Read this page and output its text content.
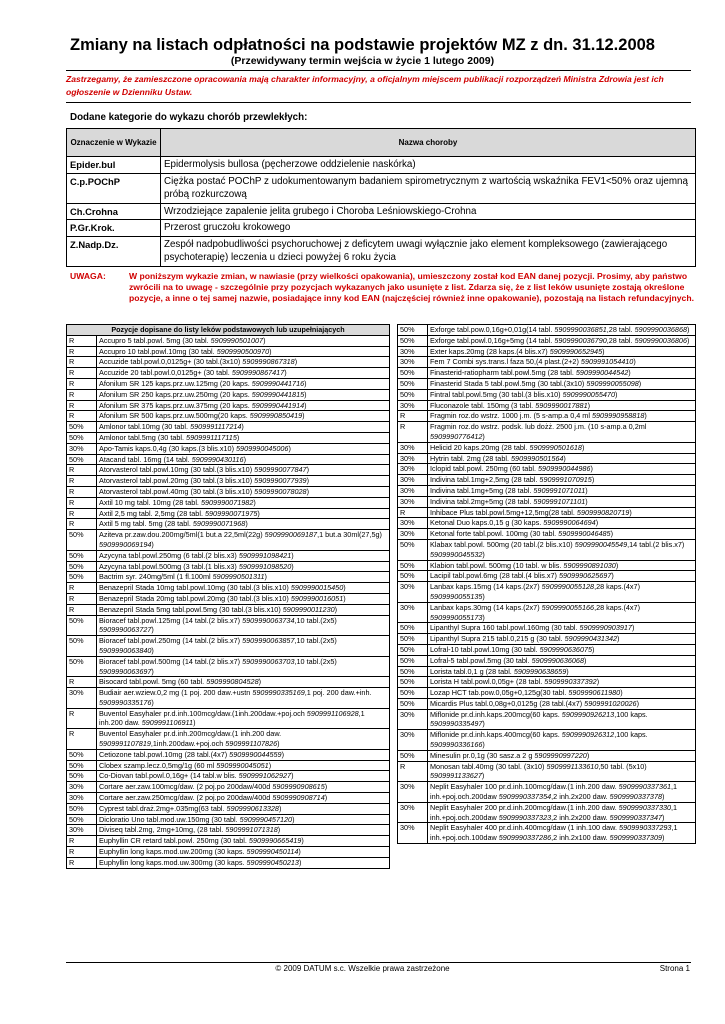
Zmiany na listach odpłatności na podstawie projektów MZ z dn. 31.12.2008
(Przewidywany termin wejścia w życie 1 lutego 2009)
Zastrzegamy, że zamieszczone opracowania mają charakter informacyjny, a oficjalnym miejscem publikacji rozporządzeń Ministra Zdrowia jest ich ogłoszenie w Dzienniku Ustaw.
Dodane kategorie do wykazu chorób przewlekłych:
Oznaczenie w Wykazie	Nazwa choroby
Epider.bul	Epidermolysis bullosa (pęcherzowe oddzielenie naskórka)
C.p.POChP	Ciężka postać POChP z udokumentowanym badaniem spirometrycznym z wartością wskaźnika FEV1<50% oraz ujemną próbą rozkurczową
Ch.Crohna	Wrzodziejące zapalenie jelita grubego i Choroba Leśniowskiego-Crohna
P.Gr.Krok.	Przerost gruczołu krokowego
Z.Nadp.Dz.	Zespół nadpobudliwości psychoruchowej z deficytem uwagi wyłącznie jako element kompleksowego (zawierającego psychoterapię) leczenia u dzieci powyżej 6 roku życia
UWAGA:	W poniższym wykazie zmian, w nawiasie (przy wielkości opakowania), umieszczony został kod EAN danej pozycji. Prosimy, aby państwo zwrócili na to uwagę - szczególnie przy pozycjach wykazanych jako usunięte z list. Zdarza się, że z list leków usunięte zostają określone pozycje, a inne o tej samej nazwie, posiadające inny kod EAN (najczęściej również inne opakowanie), pozostają na listach refundacyjnych.
Pozycje dopisane do listy leków podstawowych lub uzupełniających	
R	Accupro 5 tabl.powl. 5mg (30 tabl. 5909990501007)
R	Accupro 10 tabl.powl.10mg (30 tabl. 5909990500970)
R	Accuzide tabl.powl.0,0125g+ (30 tabl.(3x10) 5909990867318)
R	Accuzide 20 tabl.powl.0,0125g+ (30 tabl. 5909990867417)
R	Afonilum SR 125 kaps.prz.uw.125mg (20 kaps. 5909990441716)
R	Afonilum SR 250 kaps.prz.uw.250mg (20 kaps. 5909990441815)
R	Afonilum SR 375 kaps.prz.uw.375mg (20 kaps. 5909990441914)
R	Afonilum SR 500 kaps.prz.uw.500mg(20 kaps. 5909990850419)
50%	Amlonor tabl.10mg (30 tabl. 5909991117214)
50%	Amlonor tabl.5mg (30 tabl. 5909991117115)
30%	Apo-Tamis kaps.0,4g (30 kaps.(3 blis.x10) 5909990045006)
50%	Atacand tabl. 16mg (14 tabl. 5909990430116)
R	Atorvasterol tabl.powl.10mg (30 tabl.(3 blis.x10) 5909990077847)
R	Atorvasterol tabl.powl.20mg (30 tabl.(3 blis.x10) 5909990077939)
R	Atorvasterol tabl.powl.40mg (30 tabl.(3 blis.x10) 5909990078028)
R	Axtil 10 mg tabl. 10mg (28 tabl. 5909990071982)
R	Axtil 2,5 mg tabl. 2,5mg (28 tabl. 5909990071975)
R	Axtil 5 mg tabl. 5mg (28 tabl. 5909990071968)
50%	Aziteva pr.zaw.dou.200mg/5ml(1 but.a 22,5ml(22g) 5909990069187,1 but.a 30ml(27,5g) 5909990069194)
50%	Azycyna tabl.powl.250mg (6 tabl.(2 blis.x3) 5909991098421)
50%	Azycyna tabl.powl.500mg (3 tabl.(1 blis.x3) 5909991098520)
50%	Bactrim syr. 240mg/5ml (1 fl.100ml 5909990501311)
R	Benazepril Stada 10mg tabl.powl.10mg (30 tabl.(3 blis.x10) 5909990015450)
R	Benazepril Stada 20mg tabl.powl.20mg (30 tabl.(3 blis.x10) 5909990016051)
R	Benazepril Stada 5mg tabl.powl.5mg (30 tabl.(3 blis.x10) 5909990011230)
50%	Bioracef tabl.powl.125mg (14 tabl.(2 blis.x7) 5909990063734,10 tabl.(2x5) 5909990063727)
50%	Bioracef tabl.powl.250mg (14 tabl.(2 blis.x7) 5909990063857,10 tabl.(2x5) 5909990063840)
50%	Bioracef tabl.powl.500mg (14 tabl.(2 blis.x7) 5909990063703,10 tabl.(2x5) 5909990063697)
R	Bisocard tabl.powl. 5mg (60 tabl. 5909990804528)
30%	Budiair aer.wziew.0,2 mg (1 poj. 200 daw.+ustn 5909990335169,1 poj. 200 daw.+inh. 5909990335176)
R	Buventol Easyhaler pr.d.inh.100mcg/daw.(1inh.200daw.+poj.och 5909991106928,1 inh.200 daw. 5909991106911)
R	Buventol Easyhaler pr.d.inh.200mcg/daw.(1 inh.200 daw. 5909991107819,1inh.200daw.+poj.och 5909991107826)
50%	Cetiozone tabl.powl.10mg (28 tabl.(4x7) 5909990044559)
50%	Clobex szamp.lecz.0,5mg/1g (60 ml 5909990045051)
50%	Co-Diovan tabl.powl.0,16g+ (14 tabl.w blis. 5909991062927)
30%	Cortare aer.zaw.100mcg/daw. (2 poj.po 200daw/400d 5909990908615)
30%	Cortare aer.zaw.250mcg/daw. (2 poj.po 200daw/400d 5909990908714)
50%	Cyprest tabl.draż.2mg+.035mg(63 tabl. 5909990613328)
50%	Dicloratio Uno tabl.mod.uw.150mg (30 tabl. 5909990457120)
30%	Diviseq tabl.2mg, 2mg+10mg, (28 tabl. 5909991071318)
R	Euphyllin CR retard tabl.powl. 250mg (30 tabl. 5909990665419)
R	Euphyllin long kaps.mod.uw.200mg (30 kaps. 5909990450114)
R	Euphyllin long kaps.mod.uw.300mg (30 kaps. 5909990450213)
50%	Exforge tabl.pow.0,16g+0,01g(14 tabl. 5909990036851,28 tabl. 5909990036868)
50%	Exforge tabl.powl.0,16g+5mg (14 tabl. 5909990036790,28 tabl. 5909990036806)
30%	Exter kaps.20mg (28 kaps.(4 blis.x7) 5909990652945)
30%	Fem 7 Combi sys.trans.l faza 50,(4 plast.(2+2) 5909991054410)
50%	Finasterid-ratiopharm tabl.powl.5mg (28 tabl. 5909990044542)
50%	Finasterid Stada 5 tabl.powl.5mg (30 tabl.(3x10) 5909990055098)
50%	Fintral tabl.powl.5mg (30 tabl.(3 blis.x10) 5909990055470)
30%	Fluconazole tabl. 150mg (3 tabl. 5909990017881)
R	Fragmin roz.do wstrz. 1000 j.m. (5 s-amp.a 0,4 ml 5909990958818)
R	Fragmin roz.do wstrz. podsk. lub dożż. 2500 j.m. (10 s-amp.a 0,2ml 5909990776412)
30%	Helicid 20 kaps.20mg (28 tabl. 5909990501618)
30%	Hytrin tabl. 2mg (28 tabl. 5909990501564)
30%	Iclopid tabl.powl. 250mg (60 tabl. 5909990044986)
30%	Indivina tabl.1mg+2,5mg (28 tabl. 5909991070915)
30%	Indivina tabl.1mg+5mg (28 tabl. 5909991071011)
30%	Indivina tabl.2mg+5mg (28 tabl. 5909991071101)
R	Inhibace Plus tabl.powl.5mg+12,5mg(28 tabl. 5909990820719)
30%	Ketonal Duo kaps.0,15 g (30 kaps. 5909990064694)
30%	Ketonal forte tabl.powl. 100mg (30 tabl. 5909990046485)
50%	Klabax tabl.powl. 500mg (20 tabl.(2 blis.x10) 5909990045549,14 tabl.(2 blis.x7) 5909990045532)
50%	Klabion tabl.powl. 500mg (10 tabl. w blis. 5909990891030)
50%	Lacipil tabl.powl.6mg (28 tabl.(4 blis.x7) 5909990625697)
30%	Lanbax kaps.15mg (14 kaps.(2x7) 5909990055128,28 kaps.(4x7) 5909990055135)
30%	Lanbax kaps.30mg (14 kaps.(2x7) 5909990055166,28 kaps.(4x7) 5909990055173)
50%	Lipanthyl Supra 160 tabl.powl.160mg (30 tabl. 5909990903917)
50%	Lipanthyl Supra 215 tabl.0,215 g (30 tabl. 5909990431342)
50%	Lofral-10 tabl.powl.10mg (30 tabl. 5909990636075)
50%	Lofral-5 tabl.powl.5mg (30 tabl. 5909990636068)
50%	Lorista tabl.0,1 g (28 tabl. 5909990638659)
50%	Lorista H tabl.powl.0,05g+ (28 tabl. 5909990337392)
50%	Lozap HCT tab.pow.0,05g+0,125g(30 tabl. 5909990611980)
50%	Micardis Plus tabl.0,08g+0,0125g (28 tabl.(4x7) 5909991020026)
30%	Miflonide pr.d.inh.kaps.200mcg(60 kaps. 5909990926213,100 kaps. 5909990335497)
30%	Miflonide pr.d.inh.kaps.400mcg(60 kaps. 5909990926312,100 kaps. 5909990336166)
50%	Minesulin pr.0,1g (30 sasz.a 2 g 5909990997220)
R	Monosan tabl.40mg (30 tabl. (3x10) 5909991133610,50 tabl. (5x10) 5909991133627)
30%	Neplit Easyhaler 100 pr.d.inh.100mcg/daw.(1 inh.200 daw. 5909990337361,1 inh.+poj.och.200daw 5909990337354,2 inh.2x200 daw. 5909990337378)
30%	Neplit Easyhaler 200 pr.d.inh.200mcg/daw.(1 inh.200 daw. 5909990337330,1 inh.+poj.och.200daw 5909990337323,2 inh.2x200 daw. 5909990337347)
30%	Neplit Easyhaler 400 pr.d.inh.400mcg/daw (1 inh.100 daw. 5909990337293,1 inh.+poj.och.100daw 5909990337286,2 inh.2x100 daw. 5909990337309)
© 2009 DATUM s.c. Wszelkie prawa zastrzeżone	Strona 1
